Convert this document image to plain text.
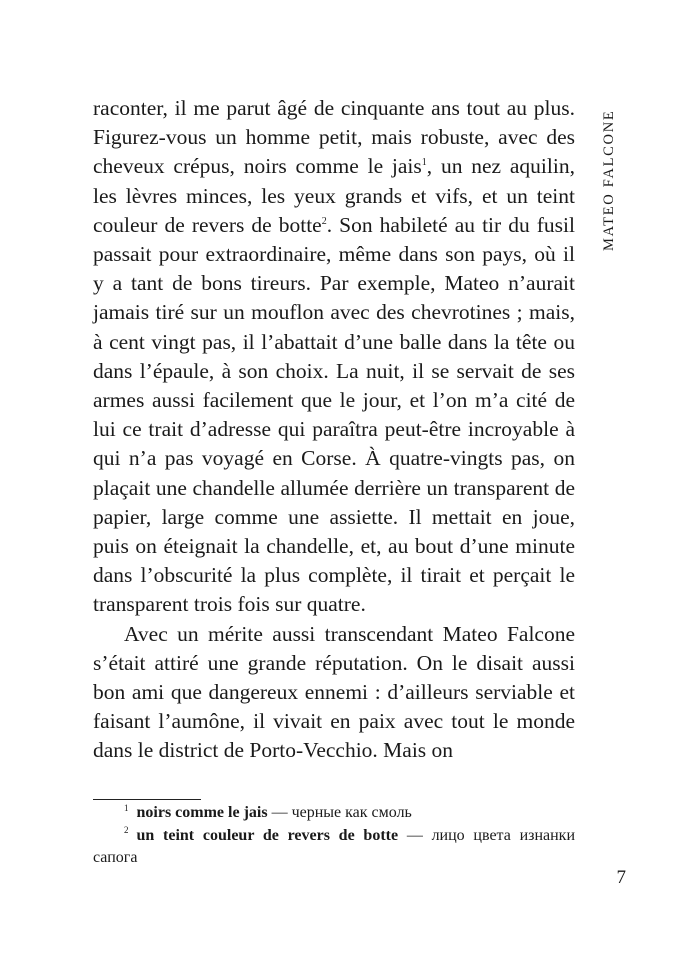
MATEO FALCONE

raconter, il me parut âgé de cinquante ans tout au plus. Figurez-vous un homme petit, mais robuste, avec des cheveux crépus, noirs comme le jais$^1$, un nez aquilin, les lèvres minces, les yeux grands et vifs, et un teint couleur de revers de botte$^2$. Son habileté au tir du fusil passait pour extraordinaire, même dans son pays, où il y a tant de bons tireurs. Par exemple, Mateo n’aurait jamais tiré sur un mouflon avec des chevrotines ; mais, à cent vingt pas, il l’abattait d’une balle dans la tête ou dans l’épaule, à son choix. La nuit, il se servait de ses armes aussi facilement que le jour, et l’on m’a cité de lui ce trait d’adresse qui paraîtra peut-être incroyable à qui n’a pas voyagé en Corse. À quatre-vingts pas, on plaçait une chandelle allumée derrière un transparent de papier, large comme une assiette. Il mettait en joue, puis on éteignait la chandelle, et, au bout d’une minute dans l’obscurité la plus complète, il tirait et perçait le transparent trois fois sur quatre.

Avec un mérite aussi transcendant Mateo Falcone s’était attiré une grande réputation. On le disait aussi bon ami que dangereux ennemi : d’ailleurs serviable et faisant l’aumône, il vivait en paix avec tout le monde dans le district de Porto-Vecchio. Mais on

$^1$ noirs comme le jais — черные как смоль

$^2$ un teint couleur de revers de botte — лицо цвета изнанки сапога

7
